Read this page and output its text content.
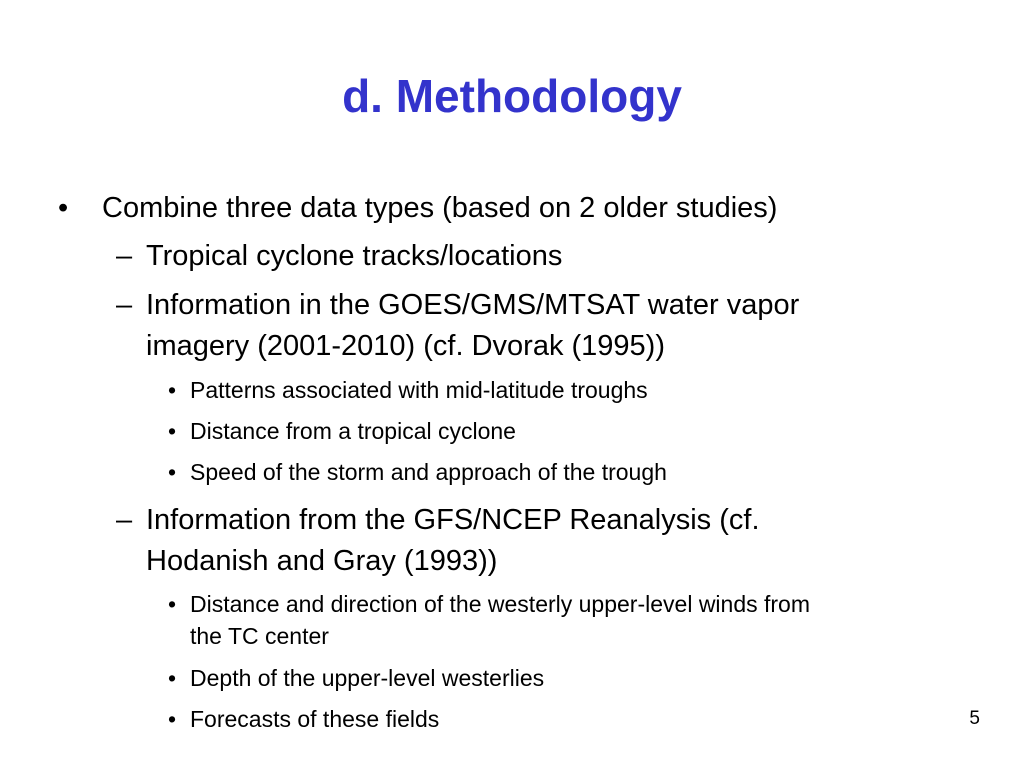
d. Methodology
• Combine three data types (based on 2 older studies)
– Tropical cyclone tracks/locations
– Information in the GOES/GMS/MTSAT water vapor
imagery (2001-2010) (cf. Dvorak (1995))
• Patterns associated with mid-latitude troughs
• Distance from a tropical cyclone
• Speed of the storm and approach of the trough
– Information from the GFS/NCEP Reanalysis (cf.
Hodanish and Gray (1993))
• Distance and direction of the westerly upper-level winds from
the TC center
• Depth of the upper-level westerlies
• Forecasts of these fields	5
